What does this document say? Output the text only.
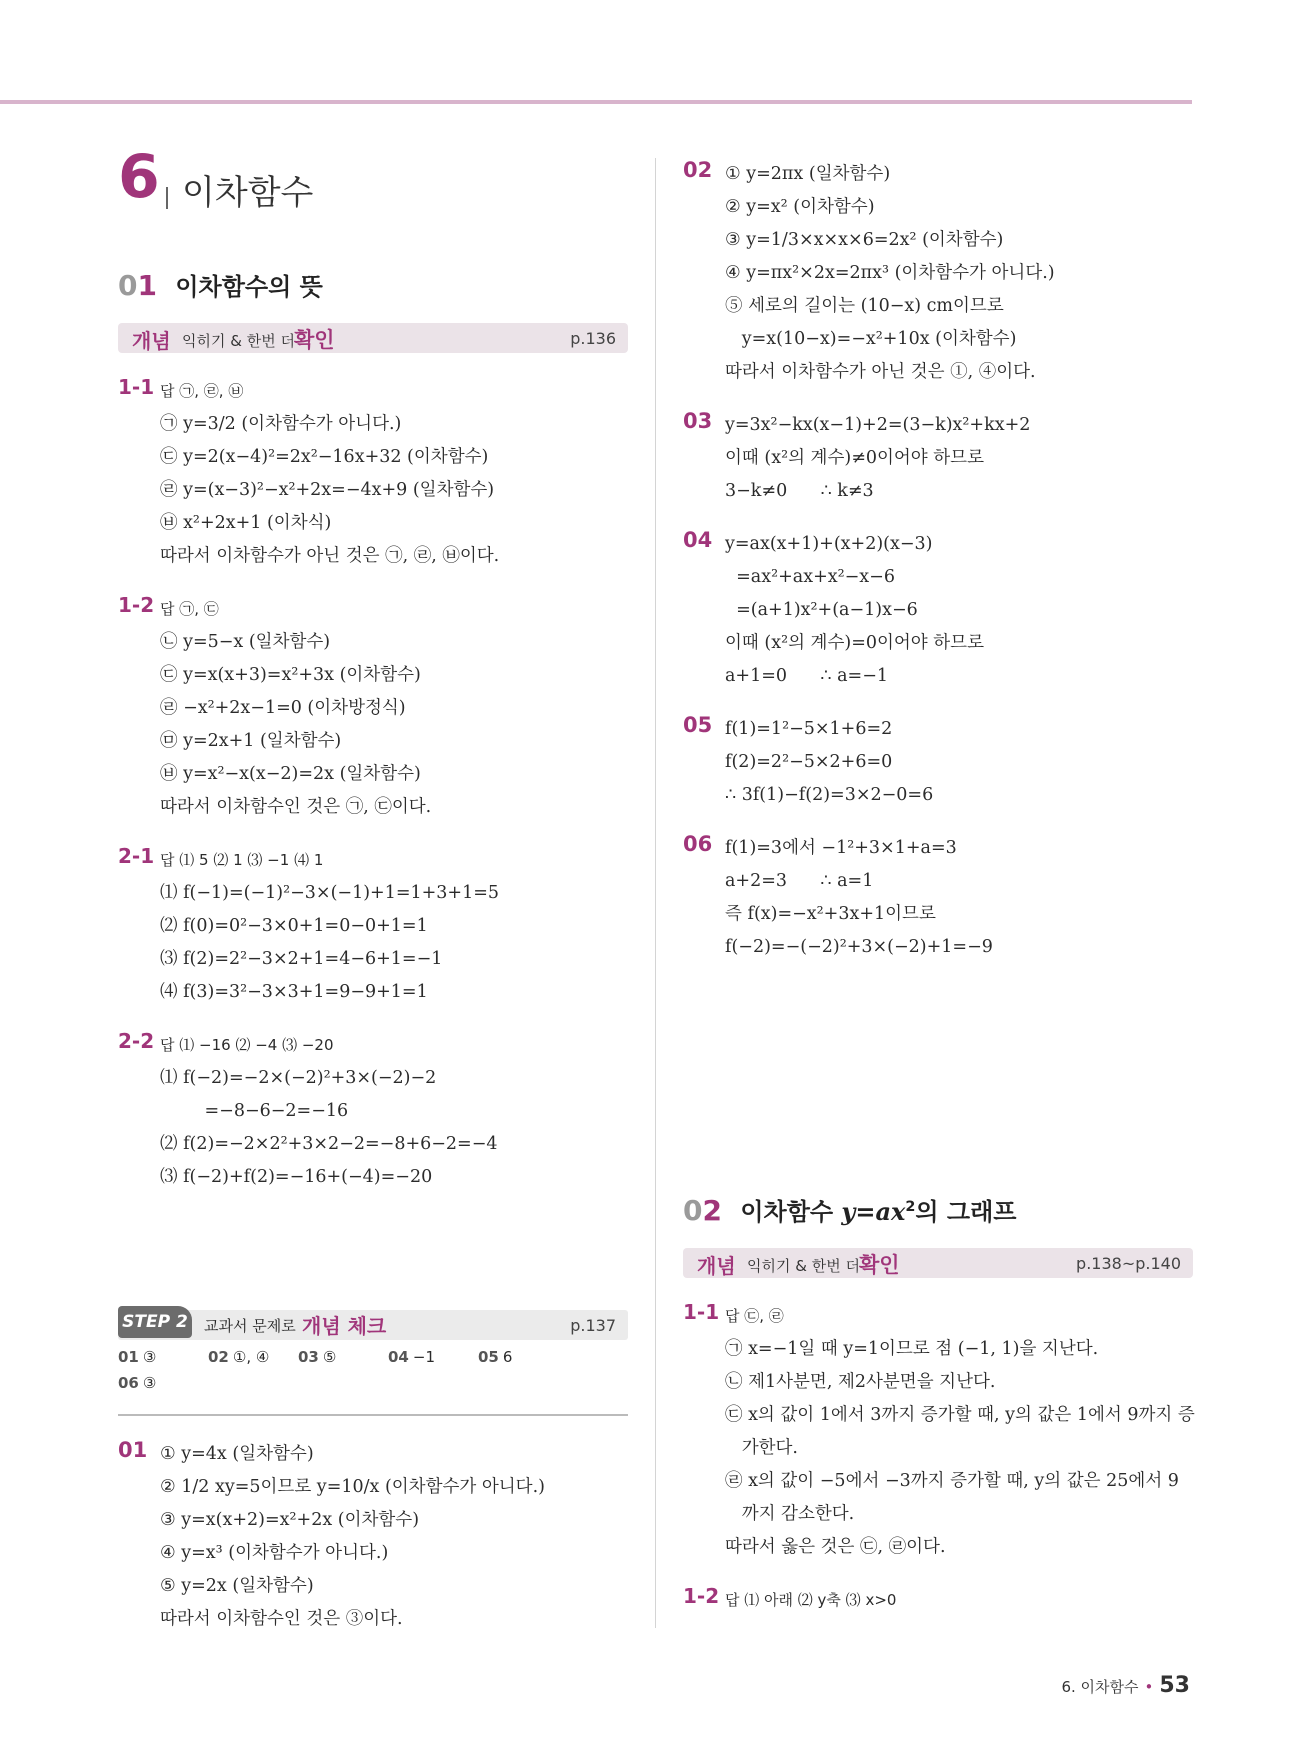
6 이차함수
01 이차함수의 뜻
개념 익히기 & 한번 더 확인	p.136
1-1 답 ㉠, ㉣, ㉥
㉠ y=3/2 (이차함수가 아니다.)
㉢ y=2(x−4)²=2x²−16x+32 (이차함수)
㉣ y=(x−3)²−x²+2x=−4x+9 (일차함수)
㉥ x²+2x+1 (이차식)
따라서 이차함수가 아닌 것은 ㉠, ㉣, ㉥이다.
1-2 답 ㉠, ㉢
㉡ y=5−x (일차함수)
㉢ y=x(x+3)=x²+3x (이차함수)
㉣ −x²+2x−1=0 (이차방정식)
㉤ y=2x+1 (일차함수)
㉥ y=x²−x(x−2)=2x (일차함수)
따라서 이차함수인 것은 ㉠, ㉢이다.
2-1 답 ⑴ 5 ⑵ 1 ⑶ −1 ⑷ 1
⑴ f(−1)=(−1)²−3×(−1)+1=1+3+1=5
⑵ f(0)=0²−3×0+1=0−0+1=1
⑶ f(2)=2²−3×2+1=4−6+1=−1
⑷ f(3)=3²−3×3+1=9−9+1=1
2-2 답 ⑴ −16 ⑵ −4 ⑶ −20
⑴ f(−2)=−2×(−2)²+3×(−2)−2
=−8−6−2=−16
⑵ f(2)=−2×2²+3×2−2=−8+6−2=−4
⑶ f(−2)+f(2)=−16+(−4)=−20
STEP 2 교과서 문제로 개념 체크	p.137
01 ③	02 ①, ④ 03 ⑤	04 −1	05 6
06 ③
01 ① y=4x (일차함수)
② 1/2 xy=5이므로 y=10/x (이차함수가 아니다.)
③ y=x(x+2)=x²+2x (이차함수)
④ y=x³ (이차함수가 아니다.)
⑤ y=2x (일차함수)
따라서 이차함수인 것은 ③이다.
02 ① y=2πx (일차함수)
② y=x² (이차함수)
③ y=1/3×x×x×6=2x² (이차함수)
④ y=πx²×2x=2πx³ (이차함수가 아니다.)
⑤ 세로의 길이는 (10−x) cm이므로
y=x(10−x)=−x²+10x (이차함수)
따라서 이차함수가 아닌 것은 ①, ④이다.
03 y=3x²−kx(x−1)+2=(3−k)x²+kx+2
이때 (x²의 계수)≠0이어야 하므로
3−k≠0      ∴ k≠3
04 y=ax(x+1)+(x+2)(x−3)
=ax²+ax+x²−x−6
=(a+1)x²+(a−1)x−6
이때 (x²의 계수)=0이어야 하므로
a+1=0      ∴ a=−1
05 f(1)=1²−5×1+6=2
f(2)=2²−5×2+6=0
∴ 3f(1)−f(2)=3×2−0=6
06 f(1)=3에서 −1²+3×1+a=3
a+2=3      ∴ a=1
즉 f(x)=−x²+3x+1이므로
f(−2)=−(−2)²+3×(−2)+1=−9
02 이차함수 $y=ax^2$의 그래프
개념 익히기 & 한번 더 확인	p.138~p.140
1-1 답 ㉢, ㉣
㉠ x=−1일 때 y=1이므로 점 (−1, 1)을 지난다.
㉡ 제1사분면, 제2사분면을 지난다.
㉢ x의 값이 1에서 3까지 증가할 때, y의 값은 1에서 9까지 증
가한다.
㉣ x의 값이 −5에서 −3까지 증가할 때, y의 값은 25에서 9
까지 감소한다.
따라서 옳은 것은 ㉢, ㉣이다.
1-2 답 ⑴ 아래 ⑵ y축 ⑶ x>0
6. 이차함수 • 53
